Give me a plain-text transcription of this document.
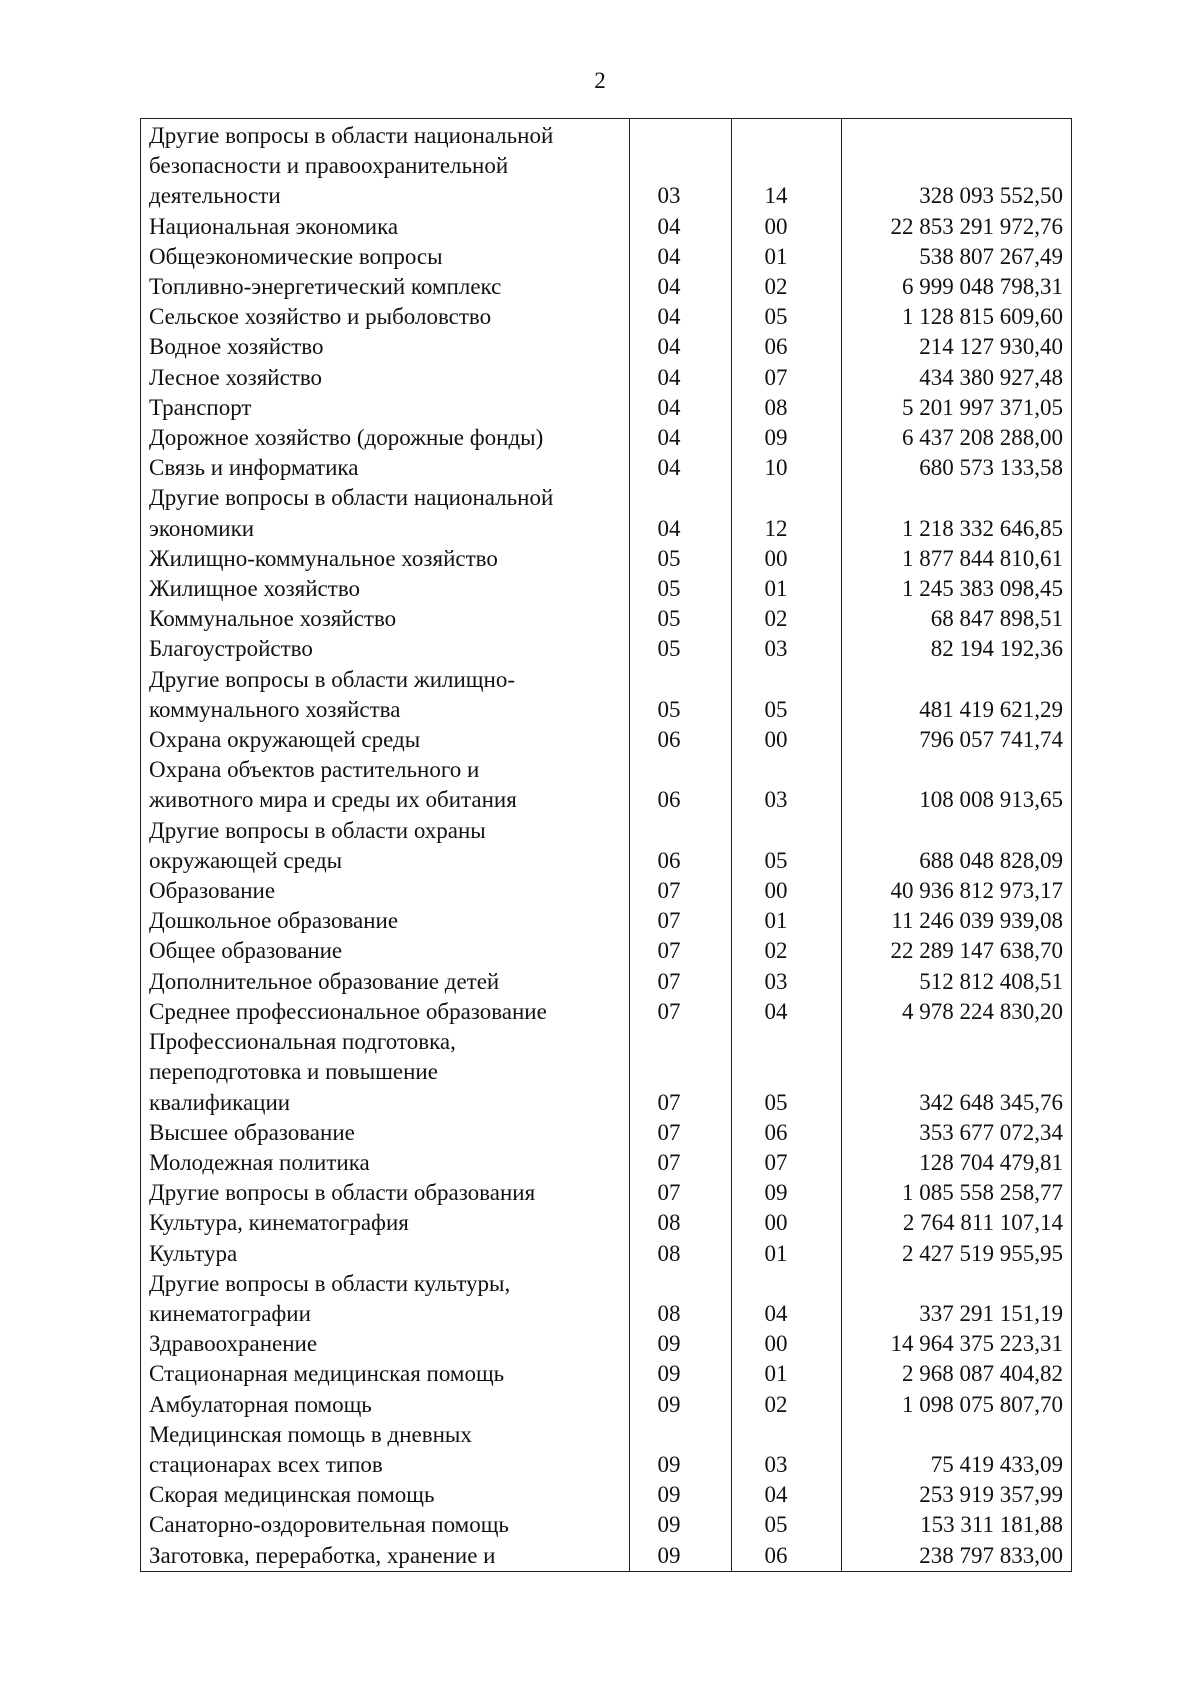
2
Другие вопросы в области национальной
безопасности и правоохранительной
деятельности	03	14	328 093 552,50
Национальная экономика	04	00	22 853 291 972,76
Общеэкономические вопросы	04	01	538 807 267,49
Топливно-энергетический комплекс	04	02	6 999 048 798,31
Сельское хозяйство и рыболовство	04	05	1 128 815 609,60
Водное хозяйство	04	06	214 127 930,40
Лесное хозяйство	04	07	434 380 927,48
Транспорт	04	08	5 201 997 371,05
Дорожное хозяйство (дорожные фонды)	04	09	6 437 208 288,00
Связь и информатика	04	10	680 573 133,58
Другие вопросы в области национальной
экономики	04	12	1 218 332 646,85
Жилищно-коммунальное хозяйство	05	00	1 877 844 810,61
Жилищное хозяйство	05	01	1 245 383 098,45
Коммунальное хозяйство	05	02	68 847 898,51
Благоустройство	05	03	82 194 192,36
Другие вопросы в области жилищно-
коммунального хозяйства	05	05	481 419 621,29
Охрана окружающей среды	06	00	796 057 741,74
Охрана объектов растительного и
животного мира и среды их обитания	06	03	108 008 913,65
Другие вопросы в области охраны
окружающей среды	06	05	688 048 828,09
Образование	07	00	40 936 812 973,17
Дошкольное образование	07	01	11 246 039 939,08
Общее образование	07	02	22 289 147 638,70
Дополнительное образование детей	07	03	512 812 408,51
Среднее профессиональное образование	07	04	4 978 224 830,20
Профессиональная подготовка,
переподготовка и повышение
квалификации	07	05	342 648 345,76
Высшее образование	07	06	353 677 072,34
Молодежная политика	07	07	128 704 479,81
Другие вопросы в области образования	07	09	1 085 558 258,77
Культура, кинематография	08	00	2 764 811 107,14
Культура	08	01	2 427 519 955,95
Другие вопросы в области культуры,
кинематографии	08	04	337 291 151,19
Здравоохранение	09	00	14 964 375 223,31
Стационарная медицинская помощь	09	01	2 968 087 404,82
Амбулаторная помощь	09	02	1 098 075 807,70
Медицинская помощь в дневных
стационарах всех типов	09	03	75 419 433,09
Скорая медицинская помощь	09	04	253 919 357,99
Санаторно-оздоровительная помощь	09	05	153 311 181,88
Заготовка, переработка, хранение и	09	06	238 797 833,00
